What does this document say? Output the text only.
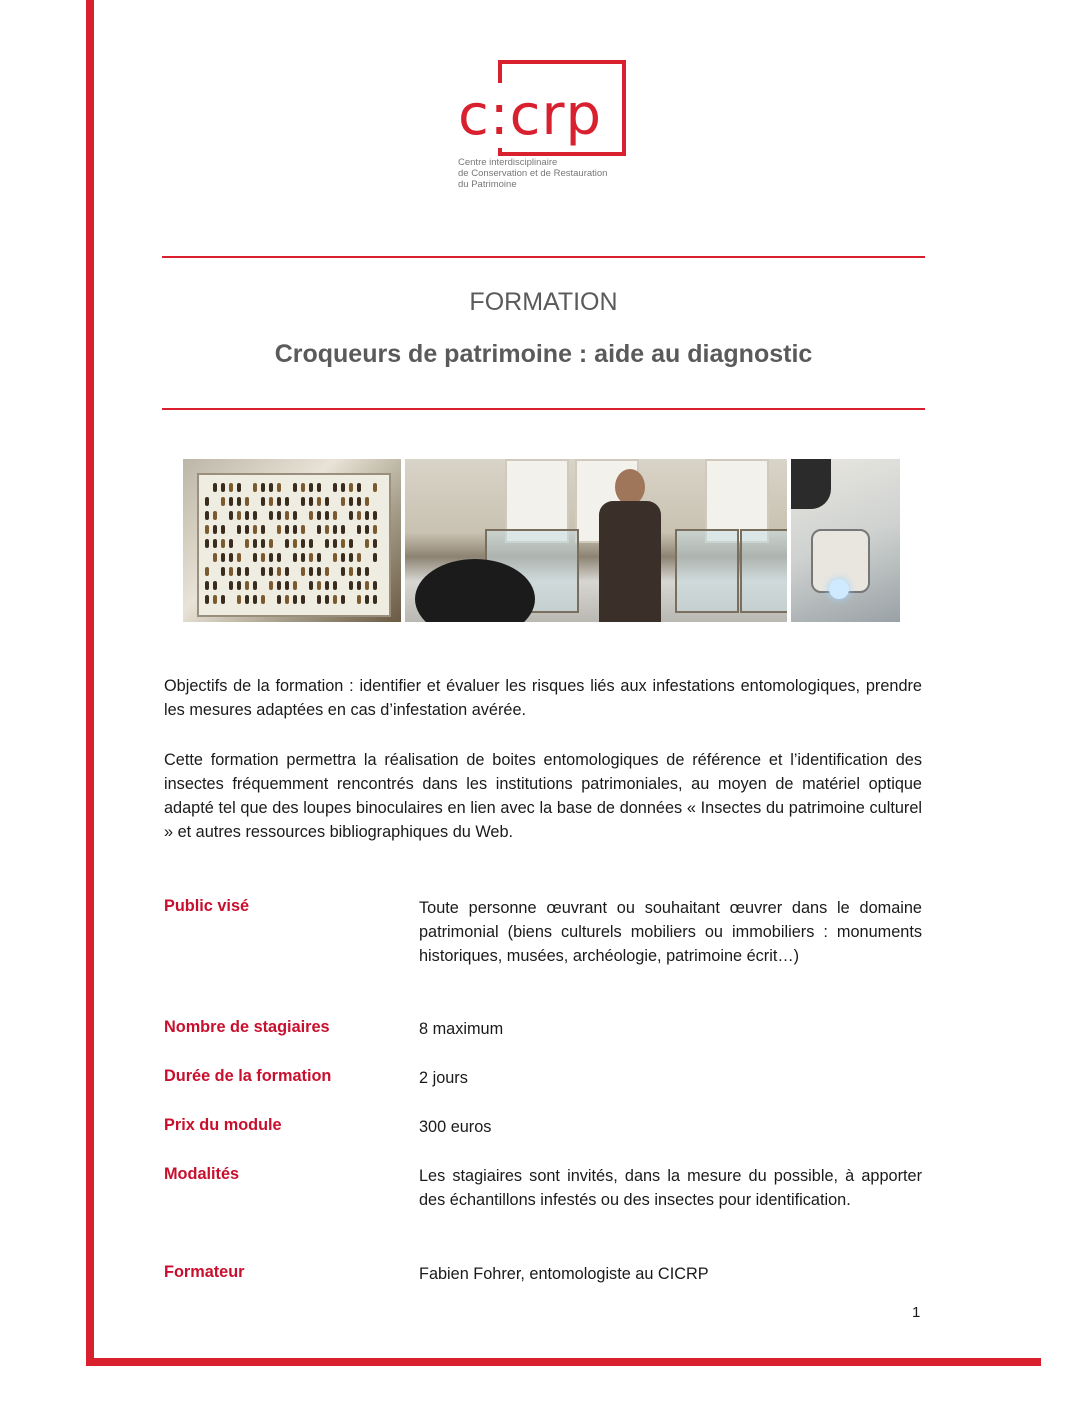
c:crp
Centre interdisciplinaire
de Conservation et de Restauration
du Patrimoine
FORMATION
Croqueurs de patrimoine : aide au diagnostic
Objectifs de la formation : identifier et évaluer les risques liés aux infestations entomologiques, prendre les mesures adaptées en cas d’infestation avérée.
Cette formation permettra la réalisation de boites entomologiques de référence et l’identification des insectes fréquemment rencontrés dans les institutions patrimoniales, au moyen de matériel optique adapté tel que des loupes binoculaires en lien avec la base de données « Insectes du patrimoine culturel » et autres ressources bibliographiques du Web.
Public visé	Toute personne œuvrant ou souhaitant œuvrer dans le domaine patrimonial (biens culturels mobiliers ou immobiliers : monuments historiques, musées, archéologie, patrimoine écrit…)
Nombre de stagiaires	8 maximum
Durée de la formation	2 jours
Prix du module	300 euros
Modalités	Les stagiaires sont invités, dans la mesure du possible, à apporter des échantillons infestés ou des insectes pour identification.
Formateur	Fabien Fohrer, entomologiste au CICRP
1
